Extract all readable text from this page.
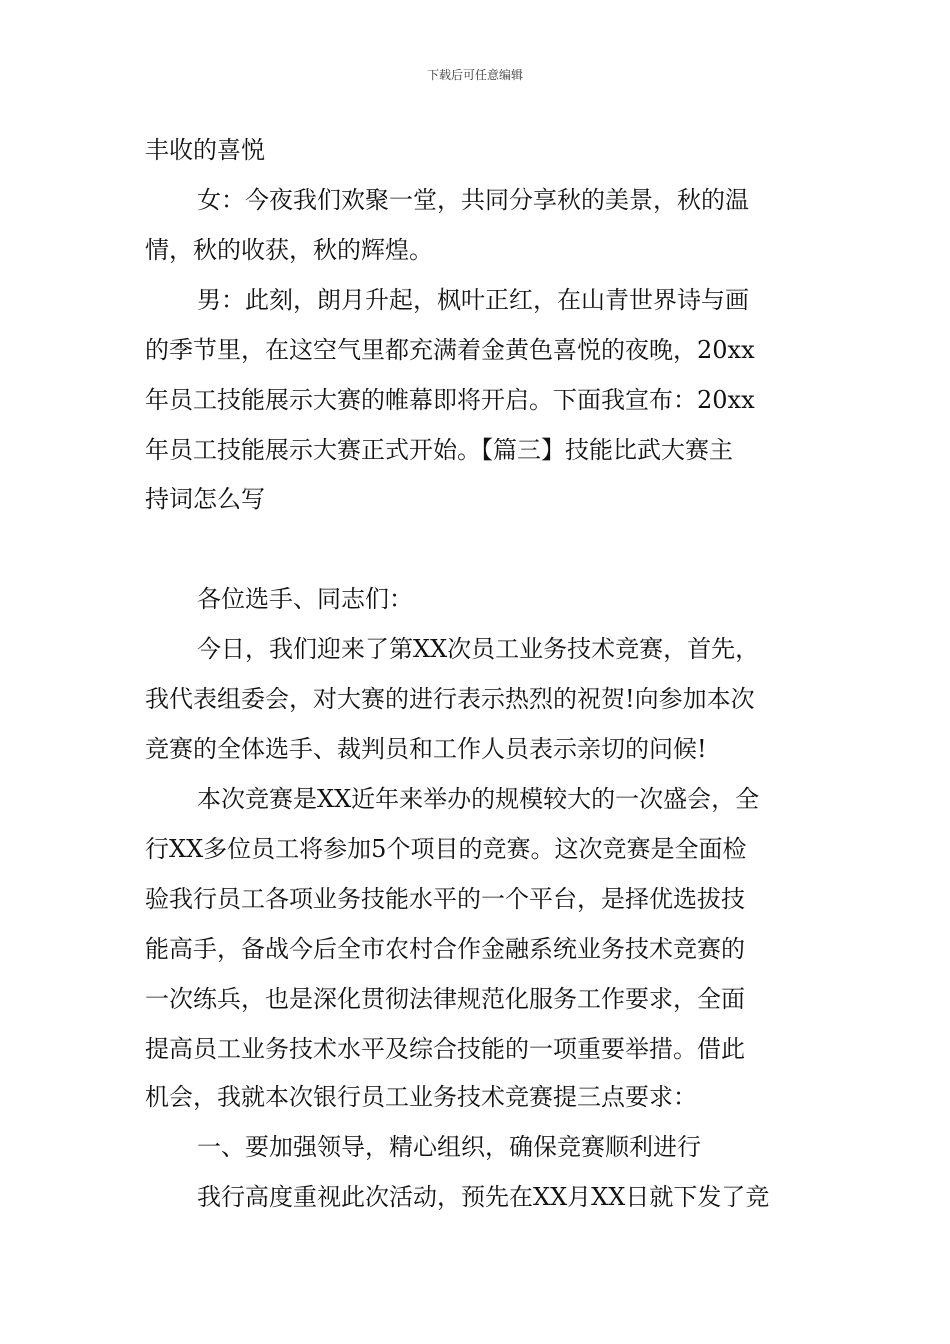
下载后可任意编辑
丰收的喜悦
女：今夜我们欢聚一堂，共同分享秋的美景，秋的温
情，秋的收获，秋的辉煌。
男：此刻，朗月升起，枫叶正红，在山青世界诗与画
的季节里，在这空气里都充满着金黄色喜悦的夜晚，20xx
年员工技能展示大赛的帷幕即将开启。下面我宣布：20xx
年员工技能展示大赛正式开始。【篇三】技能比武大赛主
持词怎么写
各位选手、同志们：
今日，我们迎来了第XX次员工业务技术竞赛，首先，
我代表组委会，对大赛的进行表示热烈的祝贺!向参加本次
竞赛的全体选手、裁判员和工作人员表示亲切的问候!
本次竞赛是XX近年来举办的规模较大的一次盛会，全
行XX多位员工将参加5个项目的竞赛。这次竞赛是全面检
验我行员工各项业务技能水平的一个平台，是择优选拔技
能高手，备战今后全市农村合作金融系统业务技术竞赛的
一次练兵，也是深化贯彻法律规范化服务工作要求，全面
提高员工业务技术水平及综合技能的一项重要举措。借此
机会，我就本次银行员工业务技术竞赛提三点要求：
一、要加强领导，精心组织，确保竞赛顺利进行
我行高度重视此次活动，预先在XX月XX日就下发了竞
